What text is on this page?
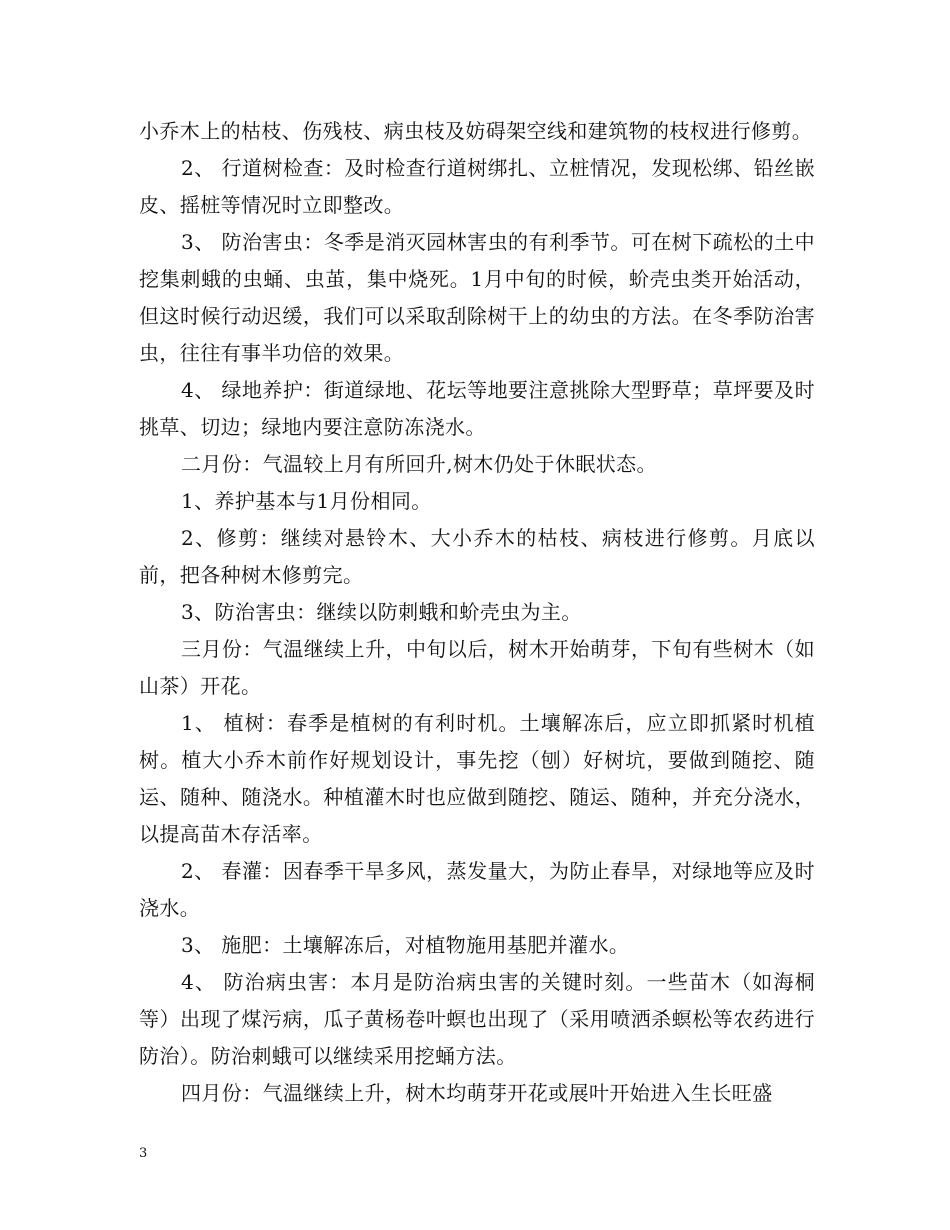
小乔木上的枯枝、伤残枝、病虫枝及妨碍架空线和建筑物的枝杈进行修剪。

2、 行道树检查：及时检查行道树绑扎、立桩情况，发现松绑、铅丝嵌皮、摇桩等情况时立即整改。

3、 防治害虫：冬季是消灭园林害虫的有利季节。可在树下疏松的土中挖集刺蛾的虫蛹、虫茧，集中烧死。1月中旬的时候，蚧壳虫类开始活动，但这时候行动迟缓，我们可以采取刮除树干上的幼虫的方法。在冬季防治害虫，往往有事半功倍的效果。

4、 绿地养护：街道绿地、花坛等地要注意挑除大型野草；草坪要及时挑草、切边；绿地内要注意防冻浇水。

二月份：气温较上月有所回升,树木仍处于休眠状态。

1、养护基本与1月份相同。

2、修剪：继续对悬铃木、大小乔木的枯枝、病枝进行修剪。月底以前，把各种树木修剪完。

3、防治害虫：继续以防刺蛾和蚧壳虫为主。

三月份：气温继续上升，中旬以后，树木开始萌芽，下旬有些树木（如山茶）开花。

1、 植树：春季是植树的有利时机。土壤解冻后，应立即抓紧时机植树。植大小乔木前作好规划设计，事先挖（刨）好树坑，要做到随挖、随运、随种、随浇水。种植灌木时也应做到随挖、随运、随种，并充分浇水，以提高苗木存活率。

2、 春灌：因春季干旱多风，蒸发量大，为防止春旱，对绿地等应及时浇水。

3、 施肥：土壤解冻后，对植物施用基肥并灌水。

4、 防治病虫害：本月是防治病虫害的关键时刻。一些苗木（如海桐等）出现了煤污病，瓜子黄杨卷叶螟也出现了（采用喷洒杀螟松等农药进行防治）。防治刺蛾可以继续采用挖蛹方法。

四月份：气温继续上升，树木均萌芽开花或展叶开始进入生长旺盛

3
